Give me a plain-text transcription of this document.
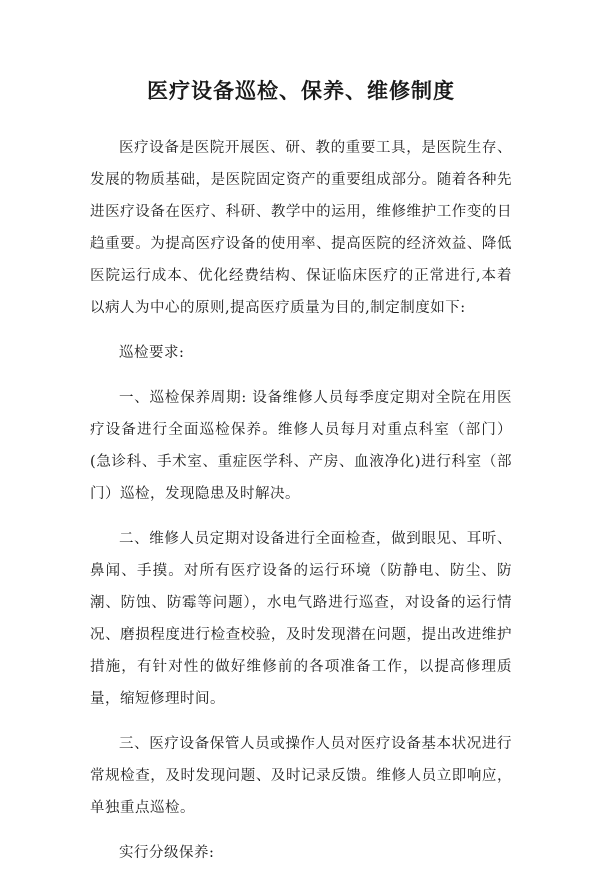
医疗设备巡检、保养、维修制度

医疗设备是医院开展医、研、教的重要工具，是医院生存、发展的物质基础，是医院固定资产的重要组成部分。随着各种先进医疗设备在医疗、科研、教学中的运用，维修维护工作变的日趋重要。为提高医疗设备的使用率、提高医院的经济效益、降低医院运行成本、优化经费结构、保证临床医疗的正常进行,本着以病人为中心的原则,提高医疗质量为目的,制定制度如下:

巡检要求:

一、巡检保养周期: 设备维修人员每季度定期对全院在用医疗设备进行全面巡检保养。维修人员每月对重点科室（部门）(急诊科、手术室、重症医学科、产房、血液净化)进行科室（部门）巡检，发现隐患及时解决。

二、维修人员定期对设备进行全面检查，做到眼见、耳听、鼻闻、手摸。对所有医疗设备的运行环境（防静电、防尘、防潮、防蚀、防霉等问题），水电气路进行巡查，对设备的运行情况、磨损程度进行检查校验，及时发现潜在问题，提出改进维护措施，有针对性的做好维修前的各项准备工作，以提高修理质量，缩短修理时间。

三、医疗设备保管人员或操作人员对医疗设备基本状况进行常规检查，及时发现问题、及时记录反馈。维修人员立即响应，单独重点巡检。

实行分级保养:
